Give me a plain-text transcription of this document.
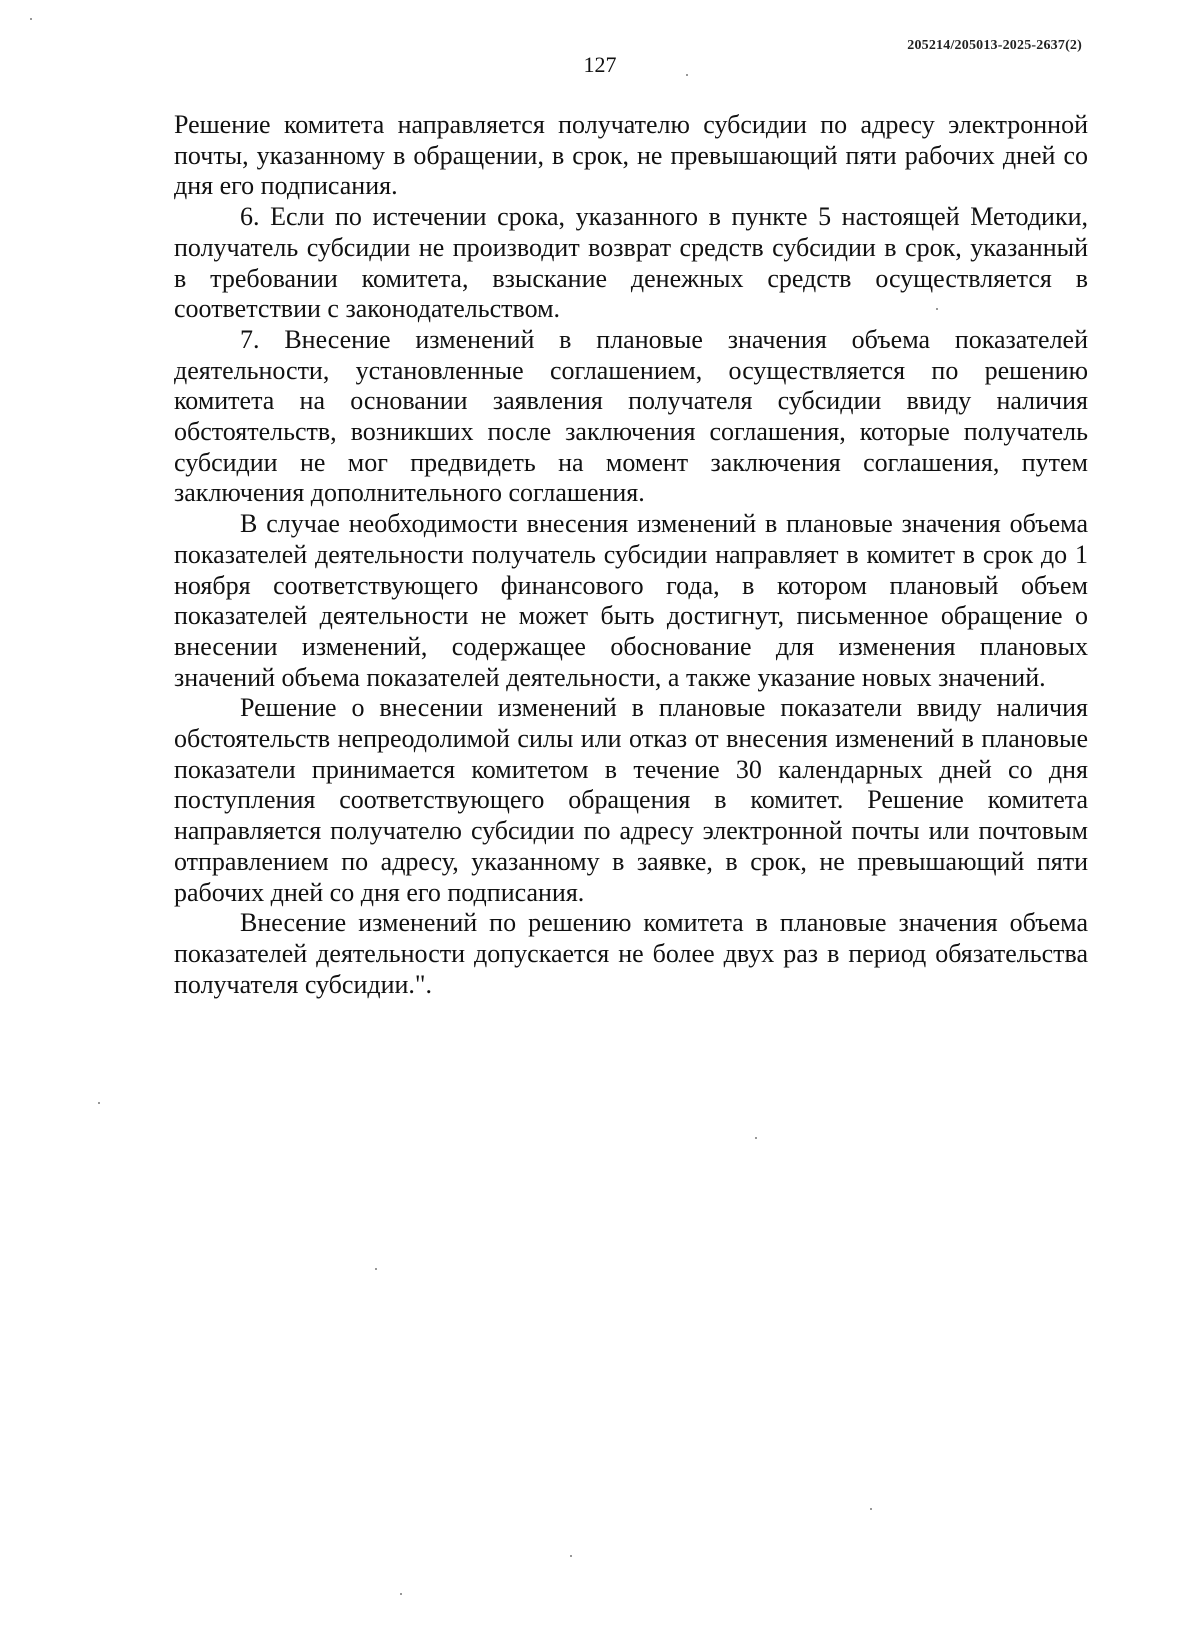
205214/205013-2025-2637(2)
127

Решение комитета направляется получателю субсидии по адресу электронной почты, указанному в обращении, в срок, не превышающий пяти рабочих дней со дня его подписания.

6. Если по истечении срока, указанного в пункте 5 настоящей Методики, получатель субсидии не производит возврат средств субсидии в срок, указанный в требовании комитета, взыскание денежных средств осуществляется в соответствии с законодательством.

7. Внесение изменений в плановые значения объема показателей деятельности, установленные соглашением, осуществляется по решению комитета на основании заявления получателя субсидии ввиду наличия обстоятельств, возникших после заключения соглашения, которые получатель субсидии не мог предвидеть на момент заключения соглашения, путем заключения дополнительного соглашения.

В случае необходимости внесения изменений в плановые значения объема показателей деятельности получатель субсидии направляет в комитет в срок до 1 ноября соответствующего финансового года, в котором плановый объем показателей деятельности не может быть достигнут, письменное обращение о внесении изменений, содержащее обоснование для изменения плановых значений объема показателей деятельности, а также указание новых значений.

Решение о внесении изменений в плановые показатели ввиду наличия обстоятельств непреодолимой силы или отказ от внесения изменений в плановые показатели принимается комитетом в течение 30 календарных дней со дня поступления соответствующего обращения в комитет. Решение комитета направляется получателю субсидии по адресу электронной почты или почтовым отправлением по адресу, указанному в заявке, в срок, не превышающий пяти рабочих дней со дня его подписания.

Внесение изменений по решению комитета в плановые значения объема показателей деятельности допускается не более двух раз в период обязательства получателя субсидии.".
